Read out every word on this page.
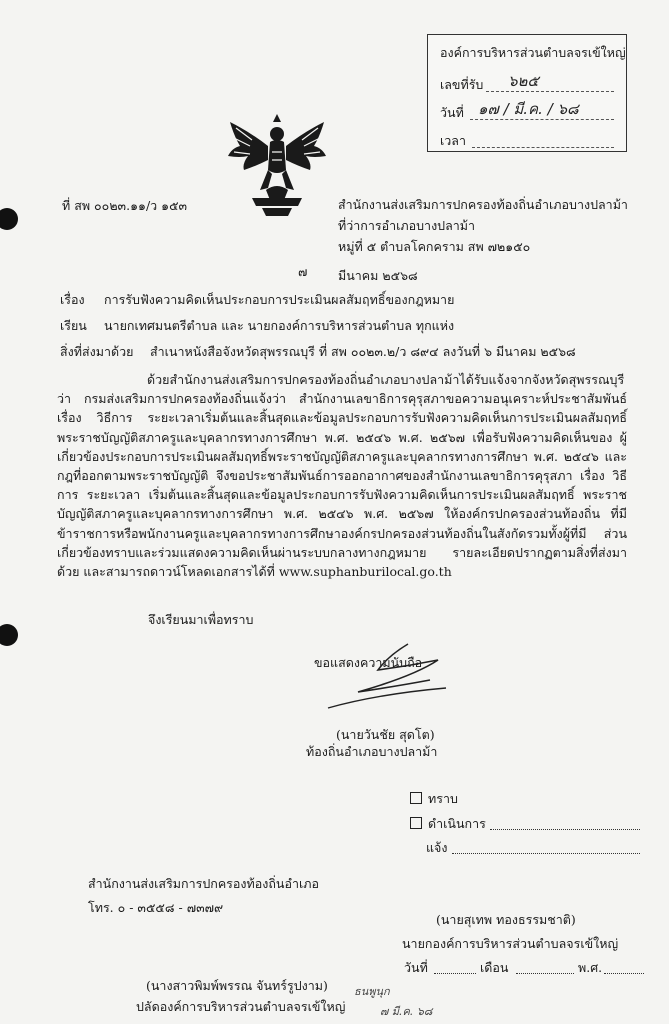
องค์การบริหารส่วนตำบลจรเข้ใหญ่
เลขที่รับ ๖๒๕
วันที่ ๑๗ / มี.ค. / ๖๘
เวลา
ที่ สพ ๐๐๒๓.๑๑/ว ๑๕๓	สำนักงานส่งเสริมการปกครองท้องถิ่นอำเภอบางปลาม้า
ที่ว่าการอำเภอบางปลาม้า
หมู่ที่ ๕ ตำบลโคกคราม สพ ๗๒๑๕๐
๗ มีนาคม ๒๕๖๘
เรื่อง การรับฟังความคิดเห็นประกอบการประเมินผลสัมฤทธิ์ของกฎหมาย
เรียน นายกเทศมนตรีตำบล และ นายกองค์การบริหารส่วนตำบล ทุกแห่ง
สิ่งที่ส่งมาด้วย สำเนาหนังสือจังหวัดสุพรรณบุรี ที่ สพ ๐๐๒๓.๒/ว ๘๙๔ ลงวันที่ ๖ มีนาคม ๒๕๖๘

ด้วยสำนักงานส่งเสริมการปกครองท้องถิ่นอำเภอบางปลาม้าได้รับแจ้งจากจังหวัดสุพรรณบุรีว่า กรมส่งเสริมการปกครองท้องถิ่นแจ้งว่า สำนักงานเลขาธิการคุรุสภาขอความอนุเคราะห์ประชาสัมพันธ์ เรื่อง วิธีการ ระยะเวลาเริ่มต้นและสิ้นสุดและข้อมูลประกอบการรับฟังความคิดเห็นการประเมินผลสัมฤทธิ์ พระราชบัญญัติสภาครูและบุคลากรทางการศึกษา พ.ศ. ๒๕๔๖ พ.ศ. ๒๕๖๗ เพื่อรับฟังความคิดเห็นของ ผู้เกี่ยวข้องประกอบการประเมินผลสัมฤทธิ์พระราชบัญญัติสภาครูและบุคลากรทางการศึกษา พ.ศ. ๒๕๔๖ และกฎที่ออกตามพระราชบัญญัติ จึงขอประชาสัมพันธ์การออกอากาศของสำนักงานเลขาธิการคุรุสภา เรื่อง วิธีการ ระยะเวลา เริ่มต้นและสิ้นสุดและข้อมูลประกอบการรับฟังความคิดเห็นการประเมินผลสัมฤทธิ์ พระราชบัญญัติสภาครูและบุคลากรทางการศึกษา พ.ศ. ๒๕๔๖ พ.ศ. ๒๕๖๗ ให้องค์กรปกครองส่วนท้องถิ่น ที่มีข้าราชการหรือพนักงานครูและบุคลากรทางการศึกษาองค์กรปกครองส่วนท้องถิ่นในสังกัดรวมทั้งผู้ที่มี ส่วนเกี่ยวข้องทราบและร่วมแสดงความคิดเห็นผ่านระบบกลางทางกฎหมาย รายละเอียดปรากฏตามสิ่งที่ส่งมาด้วย และสามารถดาวน์โหลดเอกสารได้ที่ www.suphanburilocal.go.th

จึงเรียนมาเพื่อทราบ
ขอแสดงความนับถือ
(นายวันชัย สุดโต)
ท้องถิ่นอำเภอบางปลาม้า
ทราบ
ดำเนินการ
แจ้ง
สำนักงานส่งเสริมการปกครองท้องถิ่นอำเภอ
โทร. ๐ - ๓๕๕๘ - ๗๓๗๙
(นายสุเทพ ทองธรรมชาติ)
นายกองค์การบริหารส่วนตำบลจรเข้ใหญ่
วันที่	เดือน	พ.ศ.
(นางสาวพิมพ์พรรณ จันทร์รูปงาม)
ปลัดองค์การบริหารส่วนตำบลจรเข้ใหญ่
ธนพูนุก
๗ มี.ค. ๖๘
